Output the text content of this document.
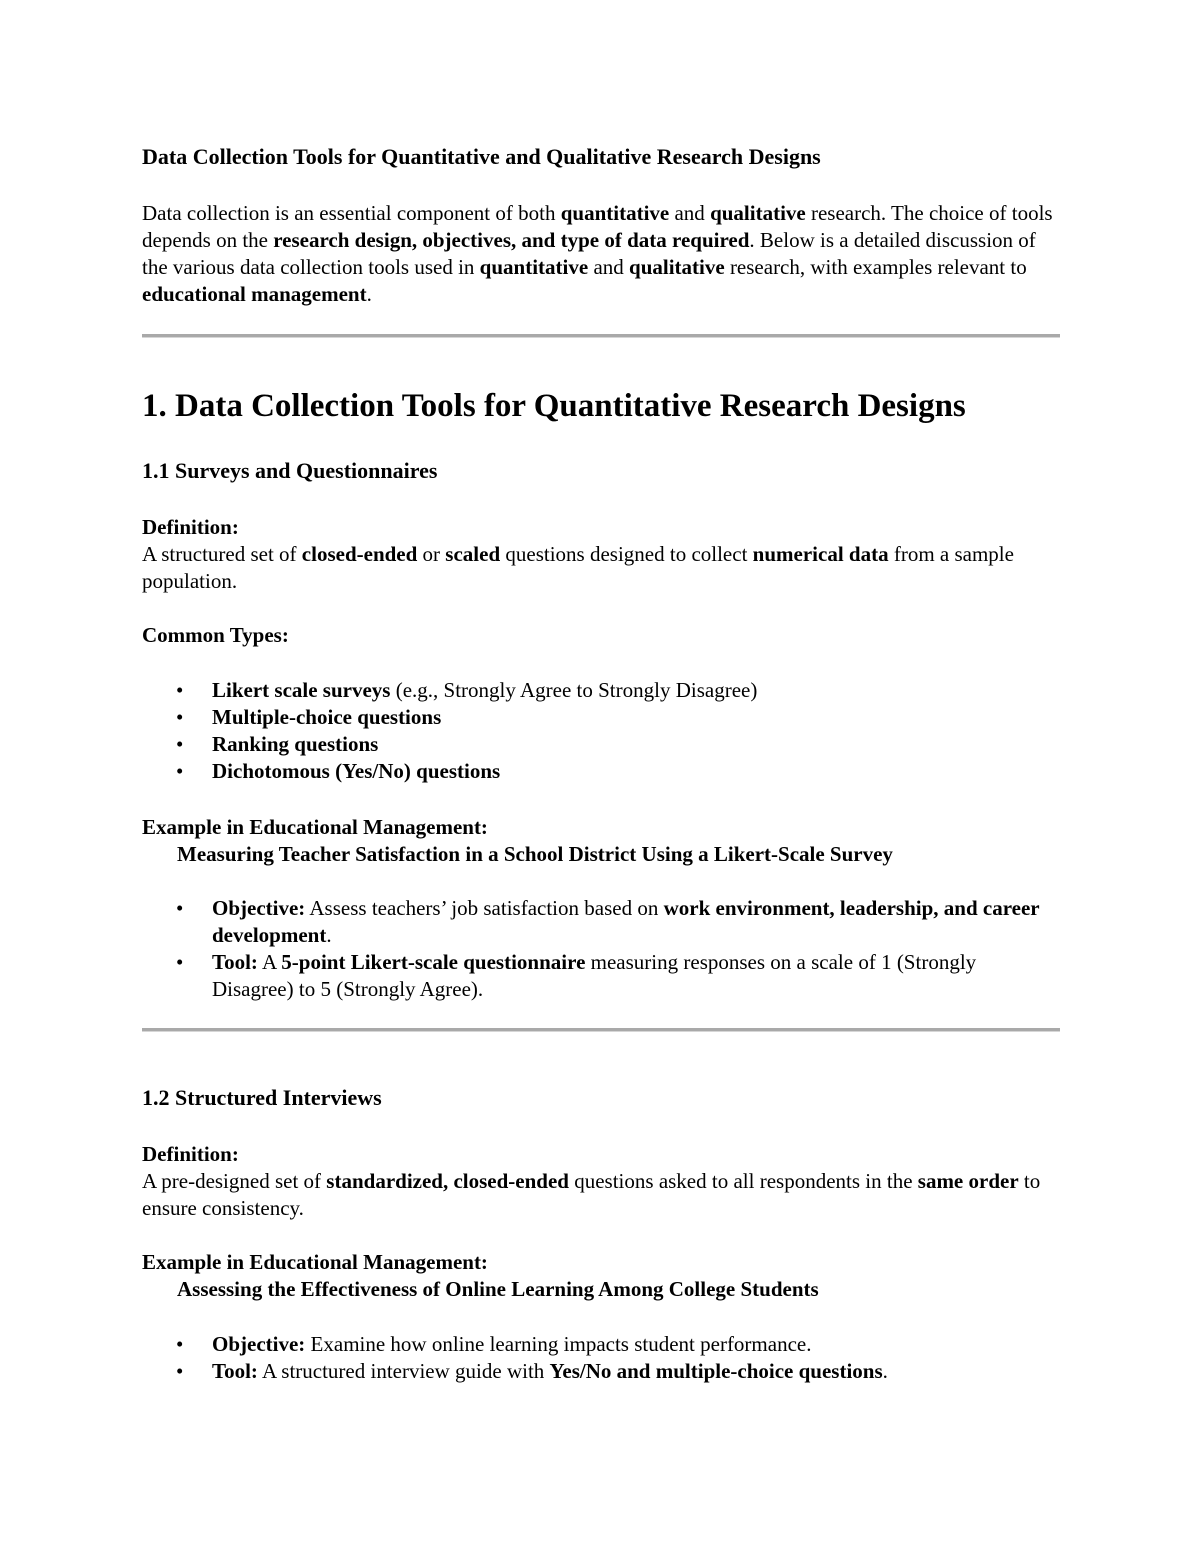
Data Collection Tools for Quantitative and Qualitative Research Designs

Data collection is an essential component of both quantitative and qualitative research. The choice of tools depends on the research design, objectives, and type of data required. Below is a detailed discussion of the various data collection tools used in quantitative and qualitative research, with examples relevant to educational management.

1. Data Collection Tools for Quantitative Research Designs
1.1 Surveys and Questionnaires
Definition:
A structured set of closed-ended or scaled questions designed to collect numerical data from a sample population.
Common Types:
• Likert scale surveys (e.g., Strongly Agree to Strongly Disagree)
• Multiple-choice questions
• Ranking questions
• Dichotomous (Yes/No) questions
Example in Educational Management:
Measuring Teacher Satisfaction in a School District Using a Likert-Scale Survey
• Objective: Assess teachers’ job satisfaction based on work environment, leadership, and career development.
• Tool: A 5-point Likert-scale questionnaire measuring responses on a scale of 1 (Strongly Disagree) to 5 (Strongly Agree).
1.2 Structured Interviews
Definition:
A pre-designed set of standardized, closed-ended questions asked to all respondents in the same order to ensure consistency.
Example in Educational Management:
Assessing the Effectiveness of Online Learning Among College Students
• Objective: Examine how online learning impacts student performance.
• Tool: A structured interview guide with Yes/No and multiple-choice questions.
